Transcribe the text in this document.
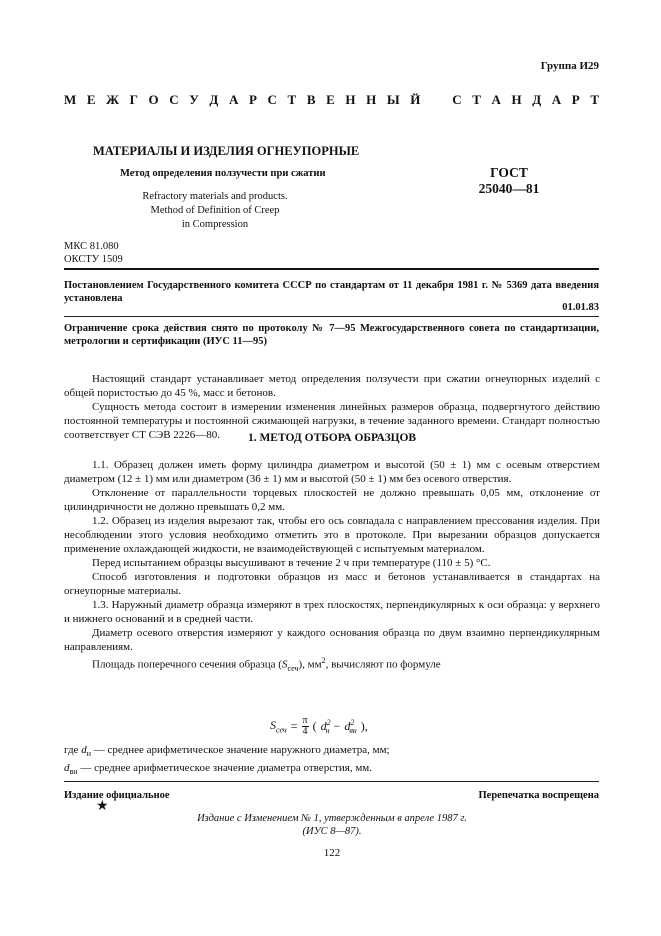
Группа И29
М Е Ж Г О С У Д А Р С Т В Е Н Н Ы Й С Т А Н Д А Р Т
МАТЕРИАЛЫ И ИЗДЕЛИЯ ОГНЕУПОРНЫЕ
Метод определения ползучести при сжатии	ГОСТ
25040—81
Refractory materials and products.
Method of Definition of Creep
in Compression
МКС 81.080
ОКСТУ 1509
Постановлением Государственного комитета СССР по стандартам от 11 декабря 1981 г. № 5369 дата введения установлена
01.01.83
Ограничение срока действия снято по протоколу № 7—95 Межгосударственного совета по стандартизации, метрологии и сертификации (ИУС 11—95)

Настоящий стандарт устанавливает метод определения ползучести при сжатии огнеупорных изделий с общей пористостью до 45 %, масс и бетонов.

Сущность метода состоит в измерении изменения линейных размеров образца, подвергнутого действию постоянной температуры и постоянной сжимающей нагрузки, в течение заданного времени. Стандарт полностью соответствует СТ СЭВ 2226—80.	1. МЕТОД ОТБОРА ОБРАЗЦОВ

1.1. Образец должен иметь форму цилиндра диаметром и высотой (50 ± 1) мм с осевым отверстием диаметром (12 ± 1) мм или диаметром (36 ± 1) мм и высотой (50 ± 1) мм без осевого отверстия.

Отклонение от параллельности торцевых плоскостей не должно превышать 0,05 мм, отклонение от цилиндричности не должно превышать 0,2 мм.

1.2. Образец из изделия вырезают так, чтобы его ось совпадала с направлением прессования изделия. При несоблюдении этого условия необходимо отметить это в протоколе. При вырезании образцов допускается применение охлаждающей жидкости, не взаимодействующей с испытуемым материалом.

Перед испытанием образцы высушивают в течение 2 ч при температуре (110 ± 5) °С.

Способ изготовления и подготовки образцов из масс и бетонов устанавливается в стандартах на огнеупорные материалы.

1.3. Наружный диаметр образца измеряют в трех плоскостях, перпендикулярных к оси образца: у верхнего и нижнего оснований и в средней части.

Диаметр осевого отверстия измеряют у каждого основания образца по двум взаимно перпендикулярным направлениям.

Площадь поперечного сечения образца $(S_{сеч})$, $мм^2$, вычисляют по формуле

$S_{сеч} = \frac{\pi}{4}$ ( $d^2_н - d^2_{вн}$ ),
где $d_н$ — среднее арифметическое значение наружного диаметра, мм;
$d_{вн}$ — среднее арифметическое значение диаметра отверстия, мм.
Издание официальное	Перепечатка воспрещена
★
Издание с Изменением № 1, утвержденным в апреле 1987 г.
(ИУС 8—87).
122
